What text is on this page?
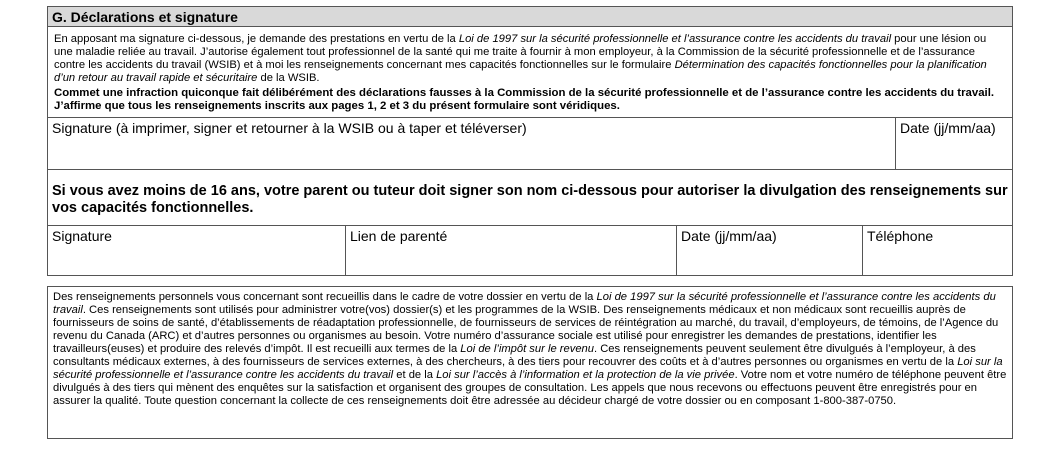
G. Déclarations et signature

En apposant ma signature ci-dessous, je demande des prestations en vertu de la Loi de 1997 sur la sécurité professionnelle et l’assurance contre les accidents du travail pour une lésion ou une maladie reliée au travail. J’autorise également tout professionnel de la santé qui me traite à fournir à mon employeur, à la Commission de la sécurité professionnelle et de l’assurance contre les accidents du travail (WSIB) et à moi les renseignements concernant mes capacités fonctionnelles sur le formulaire Détermination des capacités fonctionnelles pour la planification d’un retour au travail rapide et sécuritaire de la WSIB.

Commet une infraction quiconque fait délibérément des déclarations fausses à la Commission de la sécurité professionnelle et de l’assurance contre les accidents du travail. J’affirme que tous les renseignements inscrits aux pages 1, 2 et 3 du présent formulaire sont véridiques.

Signature (à imprimer, signer et retourner à la WSIB ou à taper et téléverser)	Date (jj/mm/aa)
Si vous avez moins de 16 ans, votre parent ou tuteur doit signer son nom ci-dessous pour autoriser la divulgation des renseignements sur vos capacités fonctionnelles.
Signature	Lien de parenté	Date (jj/mm/aa)	Téléphone

Des renseignements personnels vous concernant sont recueillis dans le cadre de votre dossier en vertu de la Loi de 1997 sur la sécurité professionnelle et l’assurance contre les accidents du travail. Ces renseignements sont utilisés pour administrer votre(vos) dossier(s) et les programmes de la WSIB. Des renseignements médicaux et non médicaux sont recueillis auprès de fournisseurs de soins de santé, d’établissements de réadaptation professionnelle, de fournisseurs de services de réintégration au marché, du travail, d’employeurs, de témoins, de l’Agence du revenu du Canada (ARC) et d’autres personnes ou organismes au besoin. Votre numéro d’assurance sociale est utilisé pour enregistrer les demandes de prestations, identifier les travailleurs(euses) et produire des relevés d’impôt. Il est recueilli aux termes de la Loi de l’impôt sur le revenu. Ces renseignements peuvent seulement être divulgués à l’employeur, à des consultants médicaux externes, à des fournisseurs de services externes, à des chercheurs, à des tiers pour recouvrer des coûts et à d’autres personnes ou organismes en vertu de la Loi sur la sécurité professionnelle et l’assurance contre les accidents du travail et de la Loi sur l’accès à l’information et la protection de la vie privée. Votre nom et votre numéro de téléphone peuvent être divulgués à des tiers qui mènent des enquêtes sur la satisfaction et organisent des groupes de consultation. Les appels que nous recevons ou effectuons peuvent être enregistrés pour en assurer la qualité. Toute question concernant la collecte de ces renseignements doit être adressée au décideur chargé de votre dossier ou en composant 1-800-387-0750.
